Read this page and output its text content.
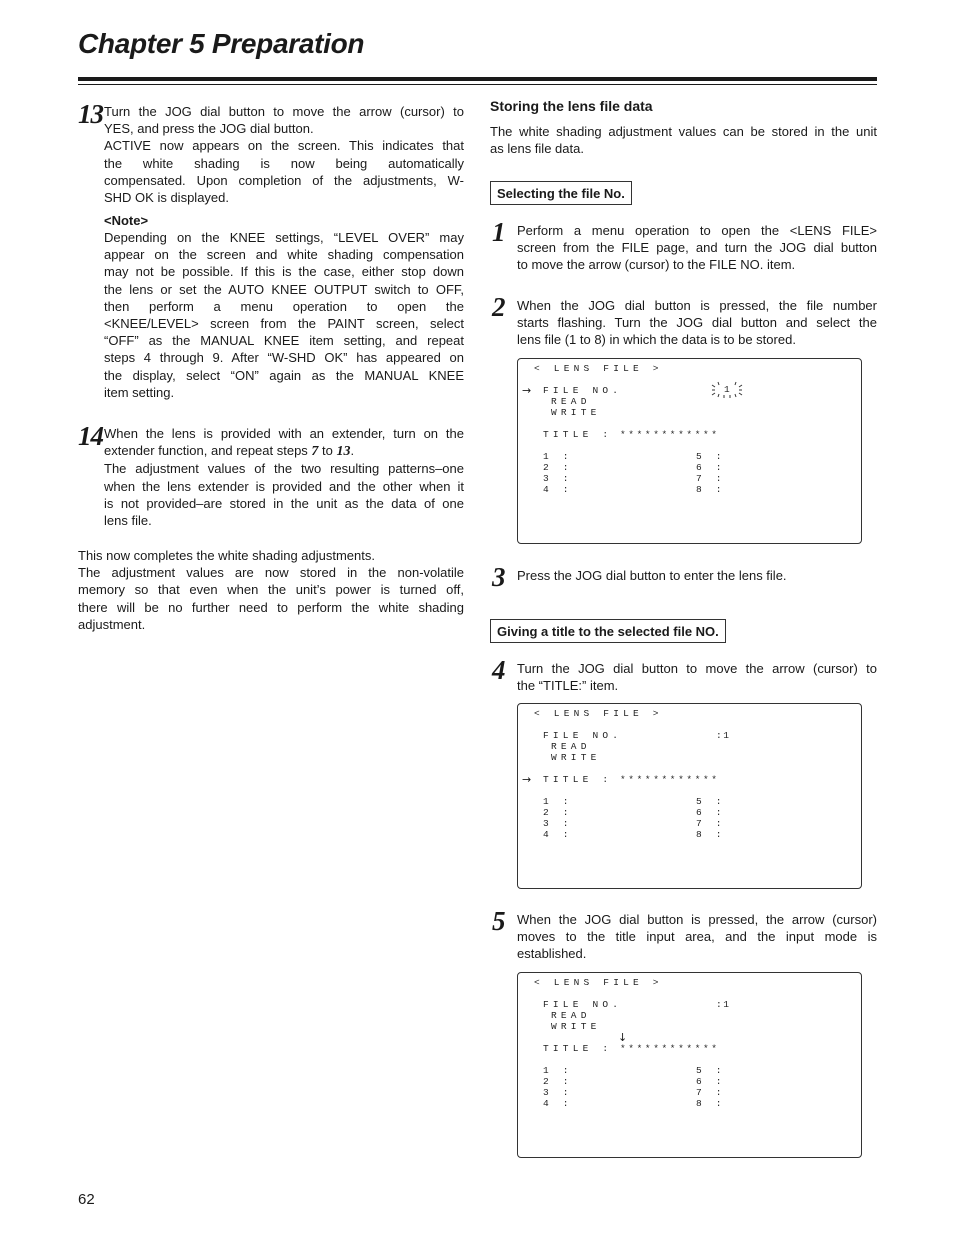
Chapter 5 Preparation
13 Turn the JOG dial button to move the arrow (cursor) to
YES, and press the JOG dial button.
ACTIVE now appears on the screen. This indicates that
the white shading is now being automatically
compensated. Upon completion of the adjustments, W-
SHD OK is displayed.
<Note>
Depending on the KNEE settings, “LEVEL OVER” may
appear on the screen and white shading compensation
may not be possible. If this is the case, either stop down
the lens or set the AUTO KNEE OUTPUT switch to OFF,
then perform a menu operation to open the
<KNEE/LEVEL> screen from the PAINT screen, select
“OFF” as the MANUAL KNEE item setting, and repeat
steps 4 through 9. After “W-SHD OK” has appeared on
the display, select “ON” again as the MANUAL KNEE
item setting.
14 When the lens is provided with an extender, turn on the
extender function, and repeat steps 7 to 13.
The adjustment values of the two resulting patterns–one
when the lens extender is provided and the other when it
is not provided–are stored in the unit as the data of one
lens file.
This now completes the white shading adjustments.
The adjustment values are now stored in the non-volatile
memory so that even when the unit’s power is turned off,
there will be no further need to perform the white shading
adjustment.
Storing the lens file data
The white shading adjustment values can be stored in the unit
as lens file data.
Selecting the file No.
1 Perform a menu operation to open the <LENS FILE>
screen from the FILE page, and turn the JOG dial button
to move the arrow (cursor) to the FILE NO. item.
2 When the JOG dial button is pressed, the file number
starts flashing. Turn the JOG dial button and select the
lens file (1 to 8) in which the data is to be stored.
< LENS FILE >
→ FILE NO.	1
READ
WRITE
TITLE : ************
1 :
2 :
3 :
4 :
5 :
6 :
7 :
8 :
3 Press the JOG dial button to enter the lens file.
Giving a title to the selected file NO.
4 Turn the JOG dial button to move the arrow (cursor) to
the “TITLE:” item.
< LENS FILE >
FILE NO.	:1
READ
WRITE
→ TITLE : ************
1 :
2 :
3 :
4 :
5 :
6 :
7 :
8 :
5 When the JOG dial button is pressed, the arrow (cursor)
moves to the title input area, and the input mode is
established.
< LENS FILE >
FILE NO.	:1
READ
WRITE
↓
TITLE : ************
1 :
2 :
3 :
4 :
5 :
6 :
7 :
8 :
62
